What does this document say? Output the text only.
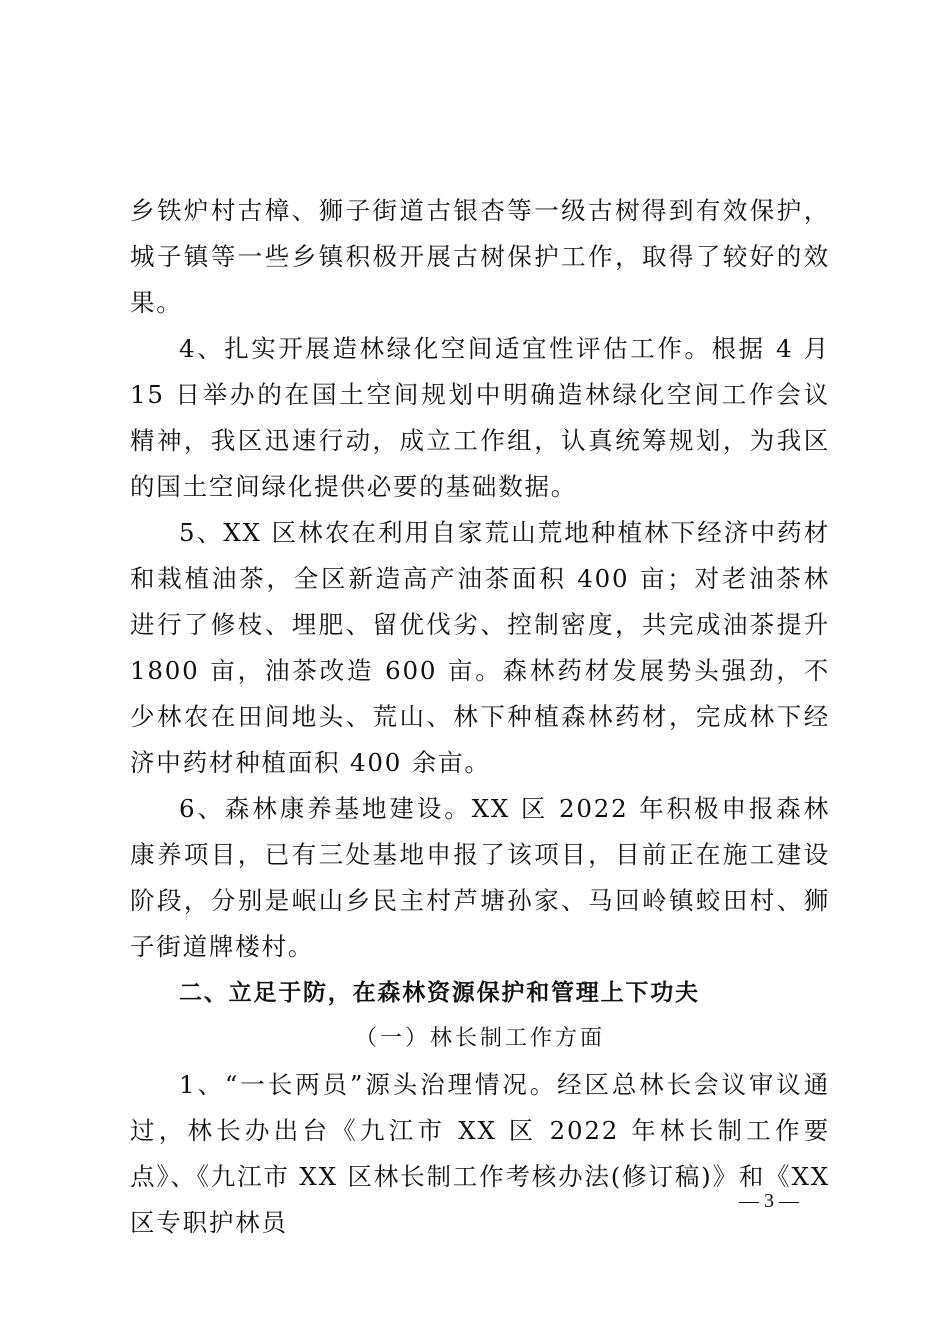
乡铁炉村古樟、狮子街道古银杏等一级古树得到有效保护，城子镇等一些乡镇积极开展古树保护工作，取得了较好的效果。

4、扎实开展造林绿化空间适宜性评估工作。根据 4 月 15 日举办的在国土空间规划中明确造林绿化空间工作会议精神，我区迅速行动，成立工作组，认真统筹规划，为我区的国土空间绿化提供必要的基础数据。

5、XX 区林农在利用自家荒山荒地种植林下经济中药材和栽植油茶，全区新造高产油茶面积 400 亩；对老油茶林进行了修枝、埋肥、留优伐劣、控制密度，共完成油茶提升 1800 亩，油茶改造 600 亩。森林药材发展势头强劲，不少林农在田间地头、荒山、林下种植森林药材，完成林下经济中药材种植面积 400 余亩。

6、森林康养基地建设。XX 区 2022 年积极申报森林康养项目，已有三处基地申报了该项目，目前正在施工建设阶段，分别是岷山乡民主村芦塘孙家、马回岭镇蛟田村、狮子街道牌楼村。

二、立足于防，在森林资源保护和管理上下功夫

（一）林长制工作方面

1、“一长两员”源头治理情况。经区总林长会议审议通过，林长办出台《九江市 XX 区 2022 年林长制工作要点》、《九江市 XX 区林长制工作考核办法(修订稿)》和《XX 区专职护林员

— 3 —
